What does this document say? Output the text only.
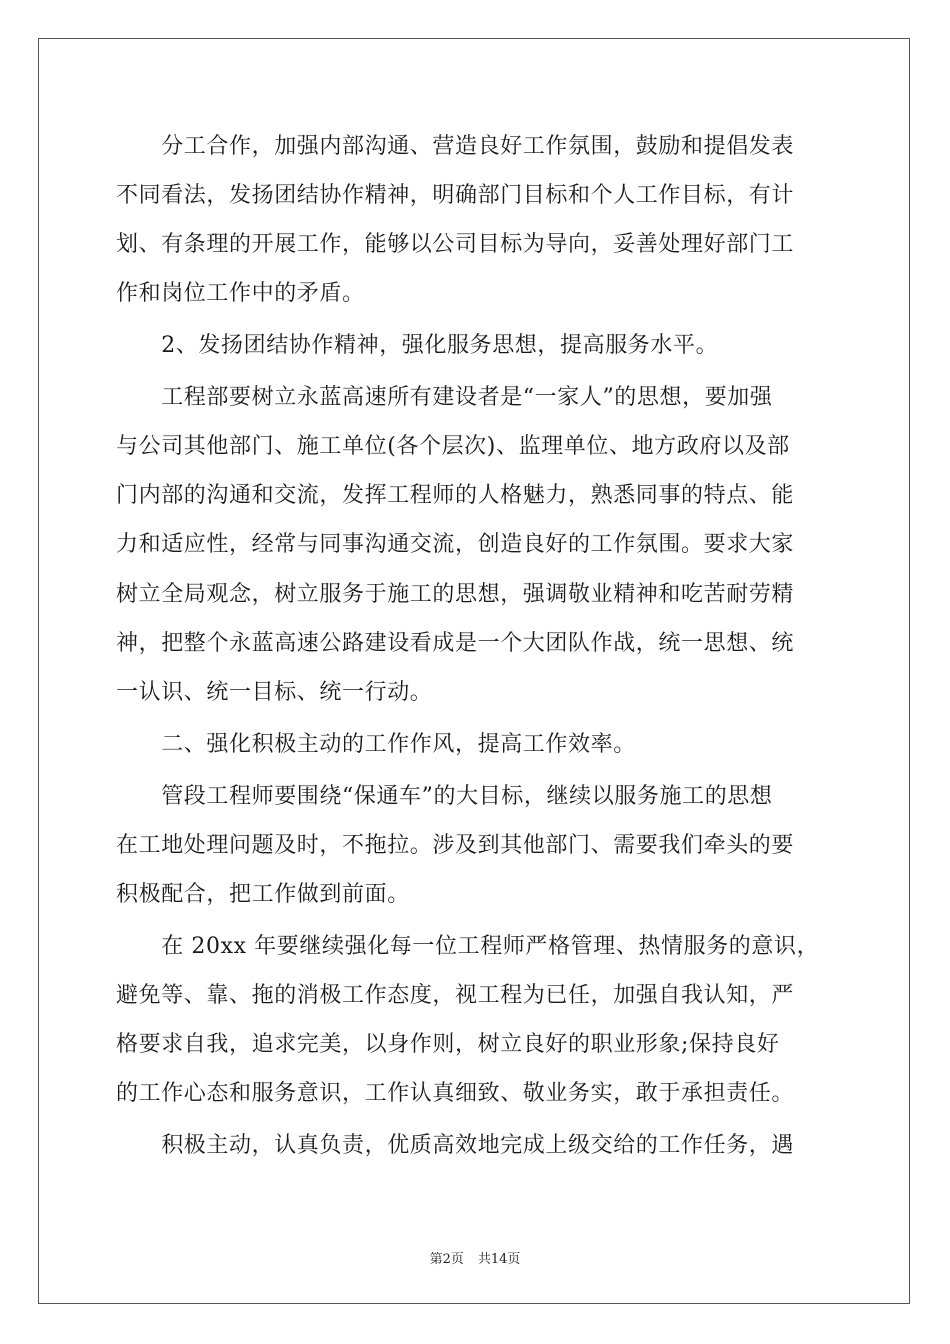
　　分工合作，加强内部沟通、营造良好工作氛围，鼓励和提倡发表
不同看法，发扬团结协作精神，明确部门目标和个人工作目标，有计
划、有条理的开展工作，能够以公司目标为导向，妥善处理好部门工
作和岗位工作中的矛盾。
　　2、发扬团结协作精神，强化服务思想，提高服务水平。
　　工程部要树立永蓝高速所有建设者是“一家人”的思想，要加强
与公司其他部门、施工单位(各个层次)、监理单位、地方政府以及部
门内部的沟通和交流，发挥工程师的人格魅力，熟悉同事的特点、能
力和适应性，经常与同事沟通交流，创造良好的工作氛围。要求大家
树立全局观念，树立服务于施工的思想，强调敬业精神和吃苦耐劳精
神，把整个永蓝高速公路建设看成是一个大团队作战，统一思想、统
一认识、统一目标、统一行动。
　　二、强化积极主动的工作作风，提高工作效率。
　　管段工程师要围绕“保通车”的大目标，继续以服务施工的思想
在工地处理问题及时，不拖拉。涉及到其他部门、需要我们牵头的要
积极配合，把工作做到前面。
　　在 20xx 年要继续强化每一位工程师严格管理、热情服务的意识，
避免等、靠、拖的消极工作态度，视工程为已任，加强自我认知，严
格要求自我，追求完美，以身作则，树立良好的职业形象;保持良好
的工作心态和服务意识，工作认真细致、敬业务实，敢于承担责任。
　　积极主动，认真负责，优质高效地完成上级交给的工作任务，遇
第2页 共14页
